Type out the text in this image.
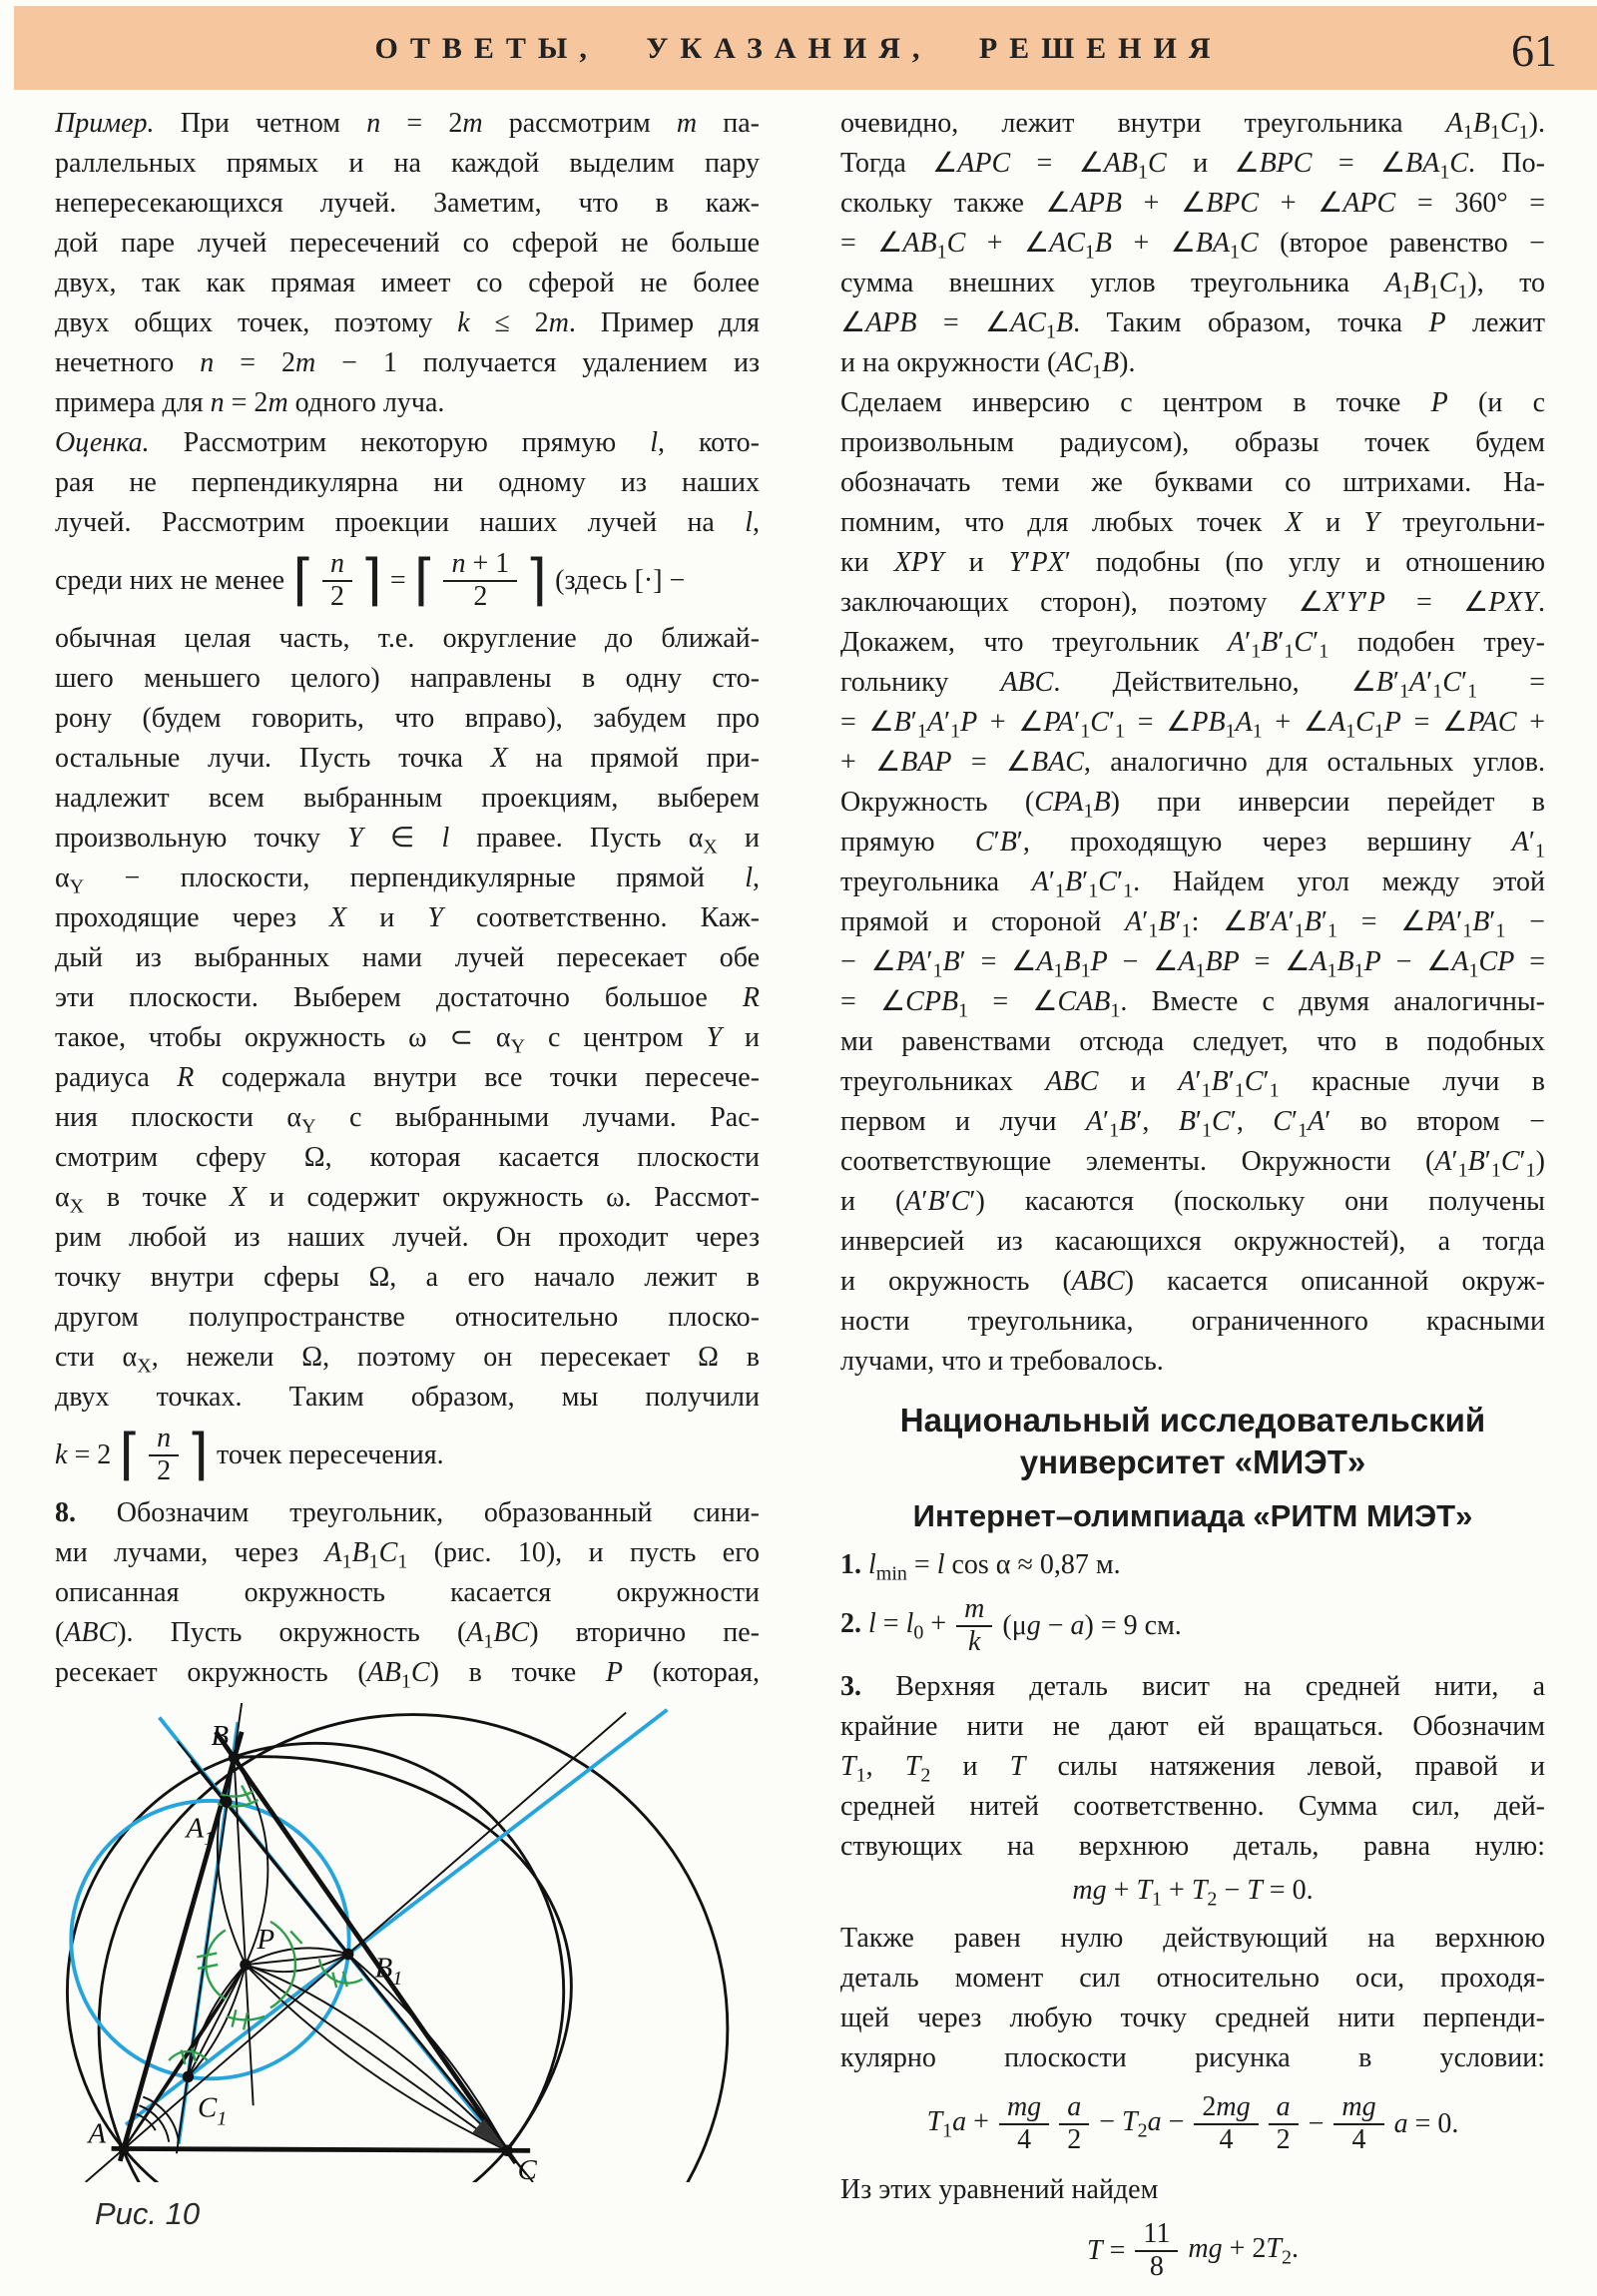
ОТВЕТЫ, УКАЗАНИЯ, РЕШЕНИЯ	61
Пример. При четном n = 2m рассмотрим m па-
раллельных прямых и на каждой выделим пару
непересекающихся лучей. Заметим, что в каж-
дой паре лучей пересечений со сферой не больше
двух, так как прямая имеет со сферой не более
двух общих точек, поэтому k ≤ 2m. Пример для
нечетного n = 2m − 1 получается удалением из
примера для n = 2m одного луча.
Оценка. Рассмотрим некоторую прямую l, кото-
рая не перпендикулярна ни одному из наших
лучей. Рассмотрим проекции наших лучей на l,
среди них не менее ⌈ $\frac{n}{2}$ ⌉ = ⌈ $\frac{n + 1}{2}$ ⌉ (здесь [·] −
обычная целая часть, т.е. округление до ближай-
шего меньшего целого) направлены в одну сто-
рону (будем говорить, что вправо), забудем про
остальные лучи. Пусть точка X на прямой при-
надлежит всем выбранным проекциям, выберем
произвольную точку Y ∈ l правее. Пусть $\alpha_X$ и
$\alpha_Y$ − плоскости, перпендикулярные прямой l,
проходящие через X и Y соответственно. Каж-
дый из выбранных нами лучей пересекает обе
эти плоскости. Выберем достаточно большое R
такое, чтобы окружность ω ⊂ $\alpha_Y$ с центром Y и
радиуса R содержала внутри все точки пересече-
ния плоскости $\alpha_Y$ с выбранными лучами. Рас-
смотрим сферу Ω, которая касается плоскости
$\alpha_X$ в точке X и содержит окружность ω. Рассмот-
рим любой из наших лучей. Он проходит через
точку внутри сферы Ω, а его начало лежит в
другом полупространстве относительно плоско-
сти $\alpha_X$, нежели Ω, поэтому он пересекает Ω в
двух точках. Таким образом, мы получили
k = 2 ⌈ $\frac{n}{2}$ ⌉ точек пересечения.
8. Обозначим треугольник, образованный сини-
ми лучами, через $A_1B_1C_1$ (рис. 10), и пусть его
описанная окружность касается окружности
(ABC). Пусть окружность $(A_1BC)$ вторично пе-
ресекает окружность $(AB_1C)$ в точке P (которая,
очевидно, лежит внутри треугольника $A_1B_1C_1$).
Тогда ∠APC = $\angle AB_1C$ и ∠BPC = $\angle BA_1C$. По-
скольку также ∠APB + ∠BPC + ∠APC = 360° =
= $\angle AB_1C$ + $\angle AC_1B$ + $\angle BA_1C$ (второе равенство −
сумма внешних углов треугольника $A_1B_1C_1$), то
∠APB = $\angle AC_1B$. Таким образом, точка P лежит
и на окружности $(AC_1B)$.
Сделаем инверсию с центром в точке P (и с
произвольным радиусом), образы точек будем
обозначать теми же буквами со штрихами. На-
помним, что для любых точек X и Y треугольни-
ки XPY и Y′PX′ подобны (по углу и отношению
заключающих сторон), поэтому ∠X′Y′P = ∠PXY.
Докажем, что треугольник $A'_1B'_1C'_1$ подобен треу-
гольнику ABC. Действительно, $\angle B'_1A'_1C'_1$ =
= $\angle B'_1A'_1P$ + $\angle PA'_1C'_1$ = $\angle PB_1A_1$ + $\angle A_1C_1P$ = ∠PAC +
+ ∠BAP = ∠BAC, аналогично для остальных углов.
Окружность $(CPA_1B)$ при инверсии перейдет в
прямую C′B′, проходящую через вершину $A'_1$
треугольника $A'_1B'_1C'_1$. Найдем угол между этой
прямой и стороной $A'_1B'_1$: $\angle B'A'_1B'_1$ = $\angle PA'_1B'_1$ −
− $\angle PA'_1B'$ = $\angle A_1B_1P$ − $\angle A_1BP$ = $\angle A_1B_1P$ − $\angle A_1CP$ =
= $\angle CPB_1$ = $\angle CAB_1$. Вместе с двумя аналогичны-
ми равенствами отсюда следует, что в подобных
треугольниках ABC и $A'_1B'_1C'_1$ красные лучи в
первом и лучи $A'_1B'$, $B'_1C'$, $C'_1A'$ во втором −
соответствующие элементы. Окружности $(A'_1B'_1C'_1)$
и (A′B′C′) касаются (поскольку они получены
инверсией из касающихся окружностей), а тогда
и окружность (ABC) касается описанной окруж-
ности треугольника, ограниченного красными
лучами, что и требовалось.
Национальный исследовательский
университет «МИЭТ»
Интернет–олимпиада «РИТМ МИЭТ»
1. $l_{min} = l$ cos α ≈ 0,87 м.
2. $l = l_0 + \frac{m}{k} (\mu g - a) = 9$ см.
3. Верхняя деталь висит на средней нити, а
крайние нити не дают ей вращаться. Обозначим
$T_1$, $T_2$ и T силы натяжения левой, правой и
средней нитей соответственно. Сумма сил, дей-
ствующих на верхнюю деталь, равна нулю:
mg + $T_1 + T_2 - T = 0$.
Также равен нулю действующий на верхнюю
деталь момент сил относительно оси, проходя-
щей через любую точку средней нити перпенди-
кулярно плоскости рисунка в условии:
$T_1a + \frac{mg}{4} \frac{a}{2} - T_2a - \frac{2mg}{4} \frac{a}{2} - \frac{mg}{4}$ a = 0.
Из этих уравнений найдем
$T = \frac{11}{8}$ mg + $2T_2$.
B
$A_1$
P
$B_1$
$C_1$
A
C
Рис. 10
